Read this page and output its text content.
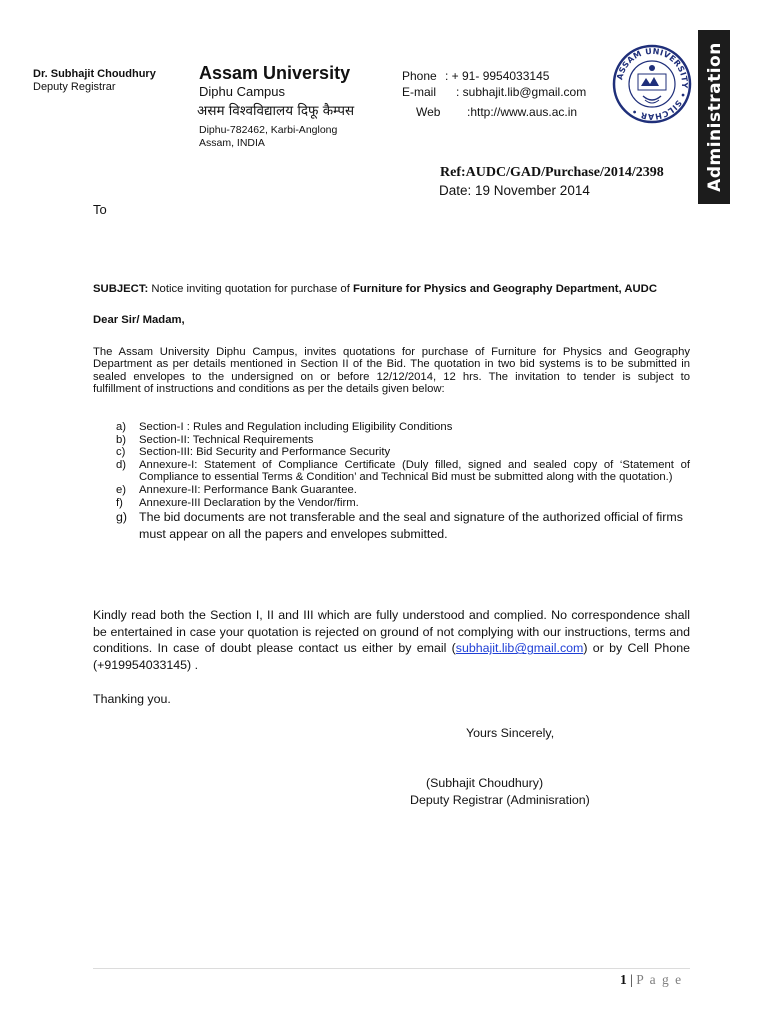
Administration
Dr. Subhajit Choudhury
Deputy Registrar
Assam University
Diphu Campus
असम विश्वविद्यालय दिफू कैम्पस
Diphu-782462, Karbi-Anglong
Assam, INDIA
Phone : + 91- 9954033145
E-mail : subhajit.lib@gmail.com
Web :http://www.aus.ac.in
ASSAM UNIVERSITY • SILCHAR •
Ref:AUDC/GAD/Purchase/2014/2398
Date: 19 November 2014
To
SUBJECT: Notice inviting quotation for purchase of Furniture for Physics and Geography Department, AUDC
Dear Sir/ Madam,
The Assam University Diphu Campus, invites quotations for purchase of Furniture for Physics and Geography
Department as per details mentioned in Section II of the Bid. The quotation in two bid systems is to be submitted in
sealed envelopes to the undersigned on or before 12/12/2014, 12 hrs. The invitation to tender is subject to
fulfillment of instructions and conditions as per the details given below:
a) Section-I : Rules and Regulation including Eligibility Conditions
b) Section-II: Technical Requirements
c) Section-III: Bid Security and Performance Security
d) Annexure-I: Statement of Compliance Certificate (Duly filled, signed and sealed copy of ‘Statement of Compliance to essential Terms & Condition’ and Technical Bid must be submitted along with the quotation.)
e) Annexure-II: Performance Bank Guarantee.
f) Annexure-III Declaration by the Vendor/firm.
g) The bid documents are not transferable and the seal and signature of the authorized official of firms must appear on all the papers and envelopes submitted.
Kindly read both the Section I, II and III which are fully understood and complied. No correspondence shall be entertained in case your quotation is rejected on ground of not complying with our instructions, terms and conditions. In case of doubt please contact us either by email (subhajit.lib@gmail.com) or by Cell Phone (+919954033145) .
Thanking you.
Yours Sincerely,
(Subhajit Choudhury)
Deputy Registrar (Adminisration)
1 | P a g e
